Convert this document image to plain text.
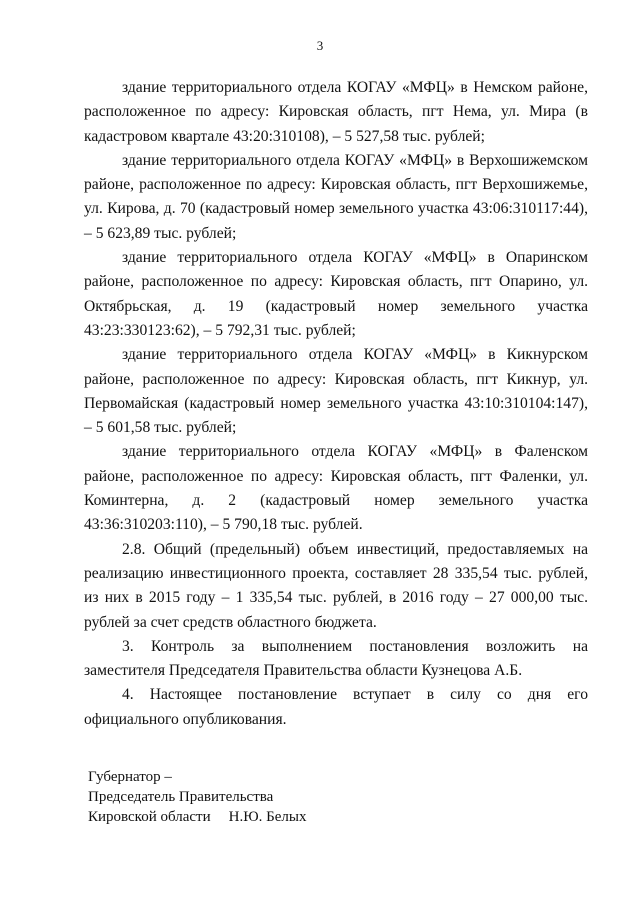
3

здание территориального отдела КОГАУ «МФЦ» в Немском районе, расположенное по адресу: Кировская область, пгт Нема, ул. Мира (в кадастровом квартале 43:20:310108), – 5 527,58 тыс. рублей;

здание территориального отдела КОГАУ «МФЦ» в Верхошижемском районе, расположенное по адресу: Кировская область, пгт Верхошижемье, ул. Кирова, д. 70 (кадастровый номер земельного участка 43:06:310117:44), – 5 623,89 тыс. рублей;

здание территориального отдела КОГАУ «МФЦ» в Опаринском районе, расположенное по адресу: Кировская область, пгт Опарино, ул. Октябрьская, д. 19 (кадастровый номер земельного участка 43:23:330123:62), – 5 792,31 тыс. рублей;

здание территориального отдела КОГАУ «МФЦ» в Кикнурском районе, расположенное по адресу: Кировская область, пгт Кикнур, ул. Первомайская (кадастровый номер земельного участка 43:10:310104:147), – 5 601,58 тыс. рублей;

здание территориального отдела КОГАУ «МФЦ» в Фаленском районе, расположенное по адресу: Кировская область, пгт Фаленки, ул. Коминтерна, д. 2 (кадастровый номер земельного участка 43:36:310203:110), – 5 790,18 тыс. рублей.

2.8. Общий (предельный) объем инвестиций, предоставляемых на реализацию инвестиционного проекта, составляет 28 335,54 тыс. рублей, из них в 2015 году – 1 335,54 тыс. рублей, в 2016 году – 27 000,00 тыс. рублей за счет средств областного бюджета.

3. Контроль за выполнением постановления возложить на заместителя Председателя Правительства области Кузнецова А.Б.

4. Настоящее постановление вступает в силу со дня его официального опубликования.

Губернатор –
Председатель Правительства
Кировской области Н.Ю. Белых
